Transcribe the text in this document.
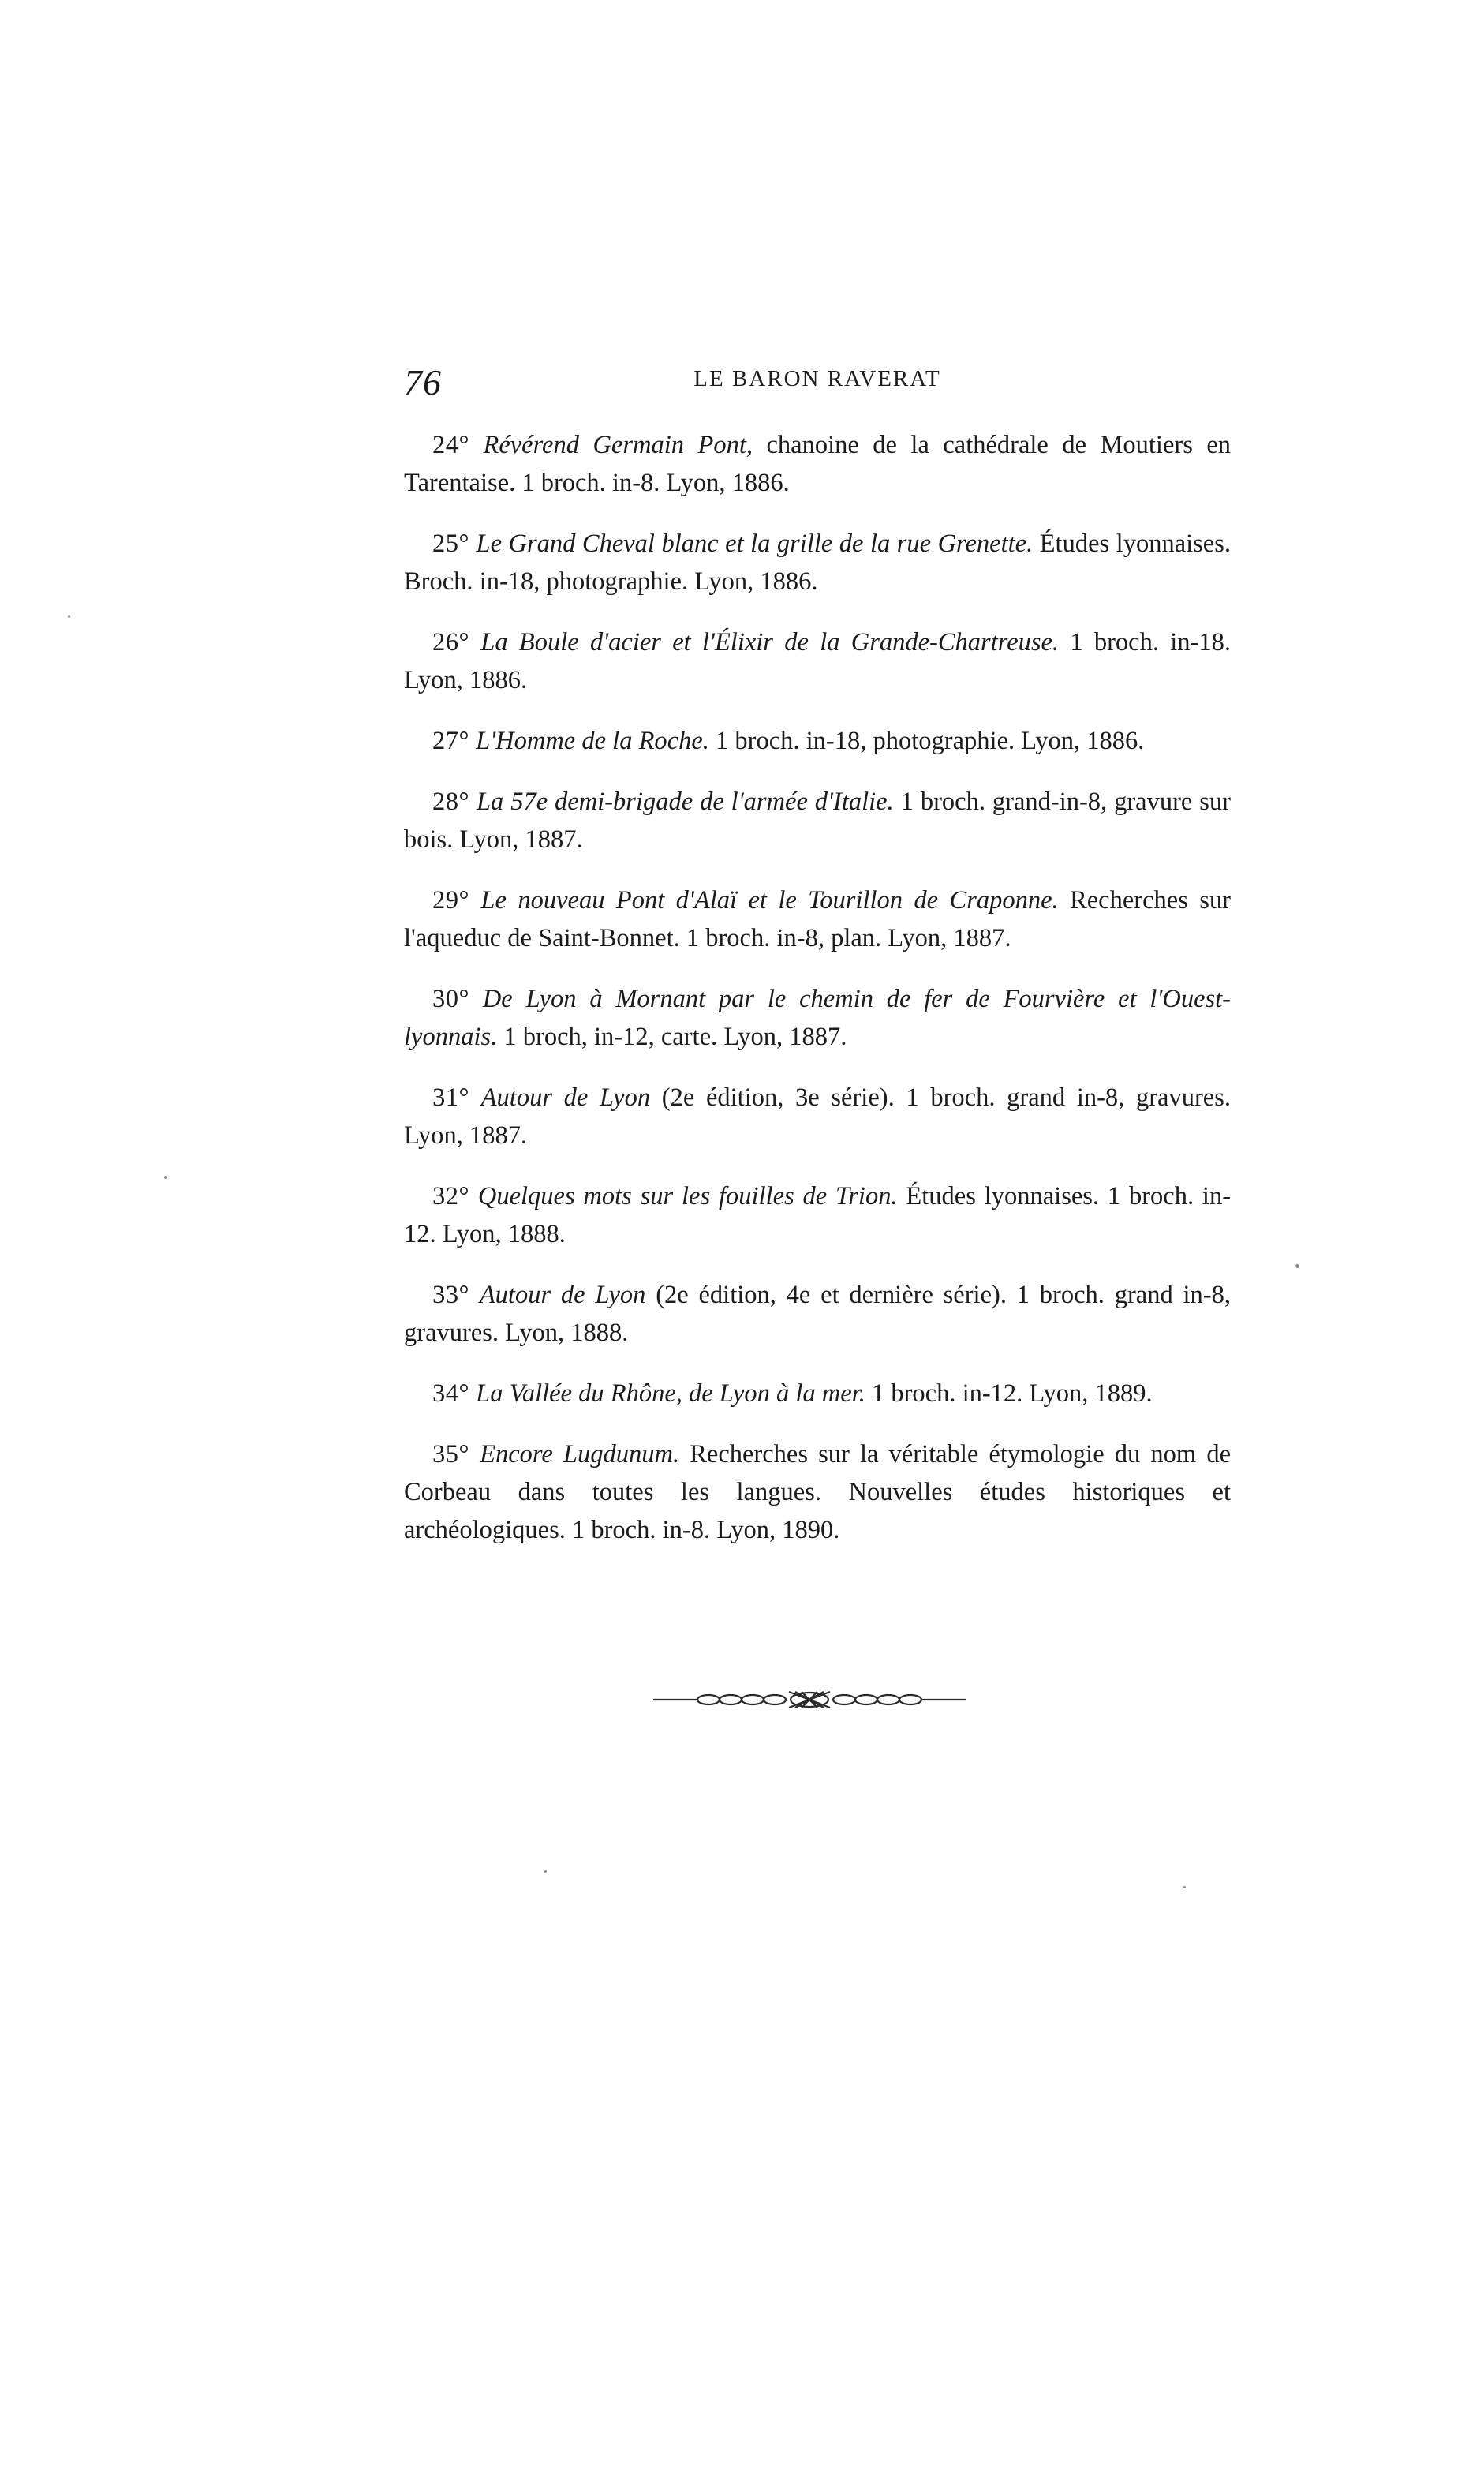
76	LE BARON RAVERAT

24° Révérend Germain Pont, chanoine de la cathédrale de Moutiers en Tarentaise. 1 broch. in-8. Lyon, 1886.

25° Le Grand Cheval blanc et la grille de la rue Grenette. Études lyonnaises. Broch. in-18, photographie. Lyon, 1886.

26° La Boule d'acier et l'Élixir de la Grande-Chartreuse. 1 broch. in-18. Lyon, 1886.

27° L'Homme de la Roche. 1 broch. in-18, photographie. Lyon, 1886.

28° La 57e demi-brigade de l'armée d'Italie. 1 broch. grand-in-8, gravure sur bois. Lyon, 1887.

29° Le nouveau Pont d'Alaï et le Tourillon de Craponne. Recherches sur l'aqueduc de Saint-Bonnet. 1 broch. in-8, plan. Lyon, 1887.

30° De Lyon à Mornant par le chemin de fer de Fourvière et l'Ouest-lyonnais. 1 broch, in-12, carte. Lyon, 1887.

31° Autour de Lyon (2e édition, 3e série). 1 broch. grand in-8, gravures. Lyon, 1887.

32° Quelques mots sur les fouilles de Trion. Études lyonnaises. 1 broch. in-12. Lyon, 1888.

33° Autour de Lyon (2e édition, 4e et dernière série). 1 broch. grand in-8, gravures. Lyon, 1888.

34° La Vallée du Rhône, de Lyon à la mer. 1 broch. in-12. Lyon, 1889.

35° Encore Lugdunum. Recherches sur la véritable étymologie du nom de Corbeau dans toutes les langues. Nouvelles études historiques et archéologiques. 1 broch. in-8. Lyon, 1890.
